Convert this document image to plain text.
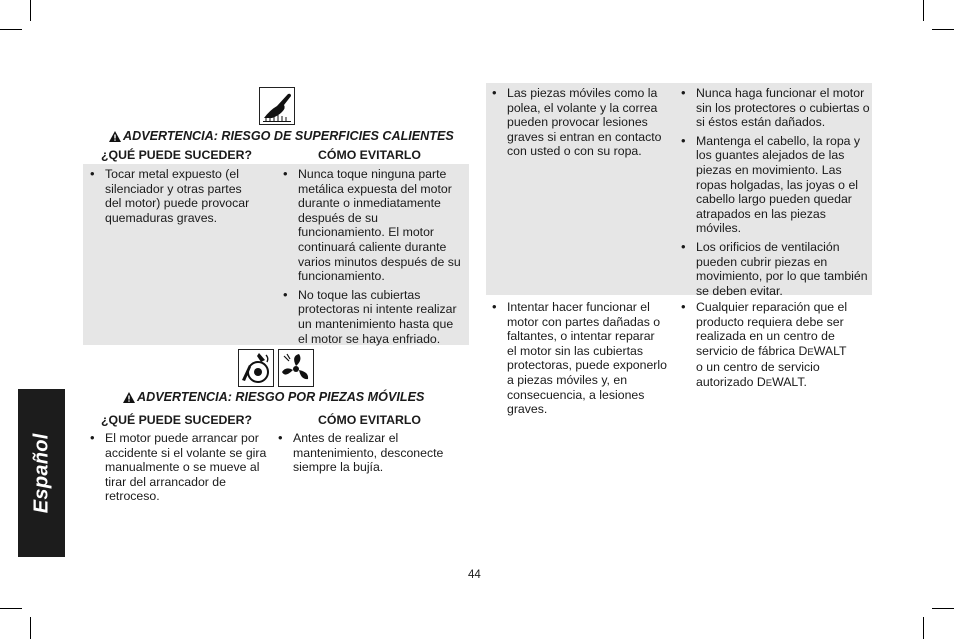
Español
ADVERTENCIA: RIESGO DE SUPERFICIES CALIENTES
¿QUÉ PUEDE SUCEDER?	CÓMO EVITARLO
• Tocar metal expuesto (el silenciador y otras partes del motor) puede provocar quemaduras graves.
• Nunca toque ninguna parte metálica expuesta del motor durante o inmediatamente después de su funcionamiento. El motor continuará caliente durante varios minutos después de su funcionamiento.
• No toque las cubiertas protectoras ni intente realizar un mantenimiento hasta que el motor se haya enfriado.
ADVERTENCIA: RIESGO POR PIEZAS MÓVILES
¿QUÉ PUEDE SUCEDER?	CÓMO EVITARLO
• El motor puede arrancar por accidente si el volante se gira manualmente o se mueve al tirar del arrancador de retroceso.
• Antes de realizar el mantenimiento, desconecte siempre la bujía.
• Las piezas móviles como la polea, el volante y la correa pueden provocar lesiones graves si entran en contacto con usted o con su ropa.
• Nunca haga funcionar el motor sin los protectores o cubiertas o si éstos están dañados.
• Mantenga el cabello, la ropa y los guantes alejados de las piezas en movimiento. Las ropas holgadas, las joyas o el cabello largo pueden quedar atrapados en las piezas móviles.
• Los orificios de ventilación pueden cubrir piezas en movimiento, por lo que también se deben evitar.
• Intentar hacer funcionar el motor con partes dañadas o faltantes, o intentar reparar el motor sin las cubiertas protectoras, puede exponerlo a piezas móviles y, en consecuencia, a lesiones graves.
• Cualquier reparación que el producto requiera debe ser realizada en un centro de servicio de fábrica DEWALT o un centro de servicio autorizado DEWALT.
44
